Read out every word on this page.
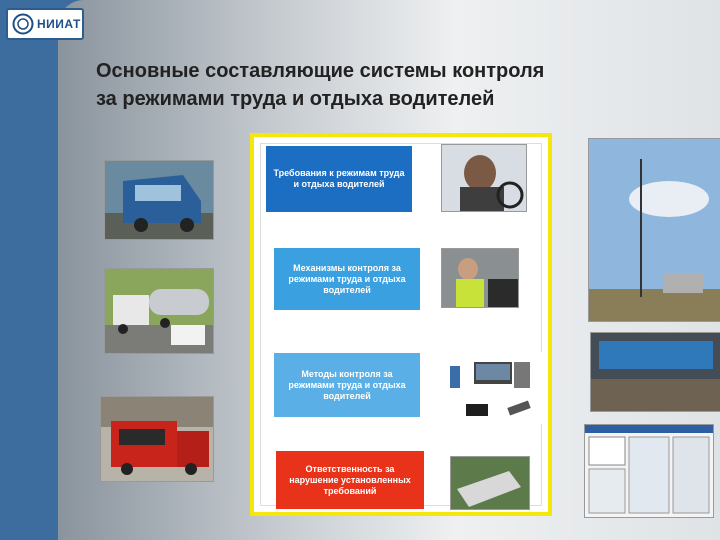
НИИАТ
Основные составляющие системы контроля
за режимами труда и отдыха водителей
Требования к режимам труда и отдыха водителей
Механизмы контроля за режимами труда и отдыха водителей
Методы контроля за режимами труда и отдыха водителей
Ответственность за нарушение установленных требований
